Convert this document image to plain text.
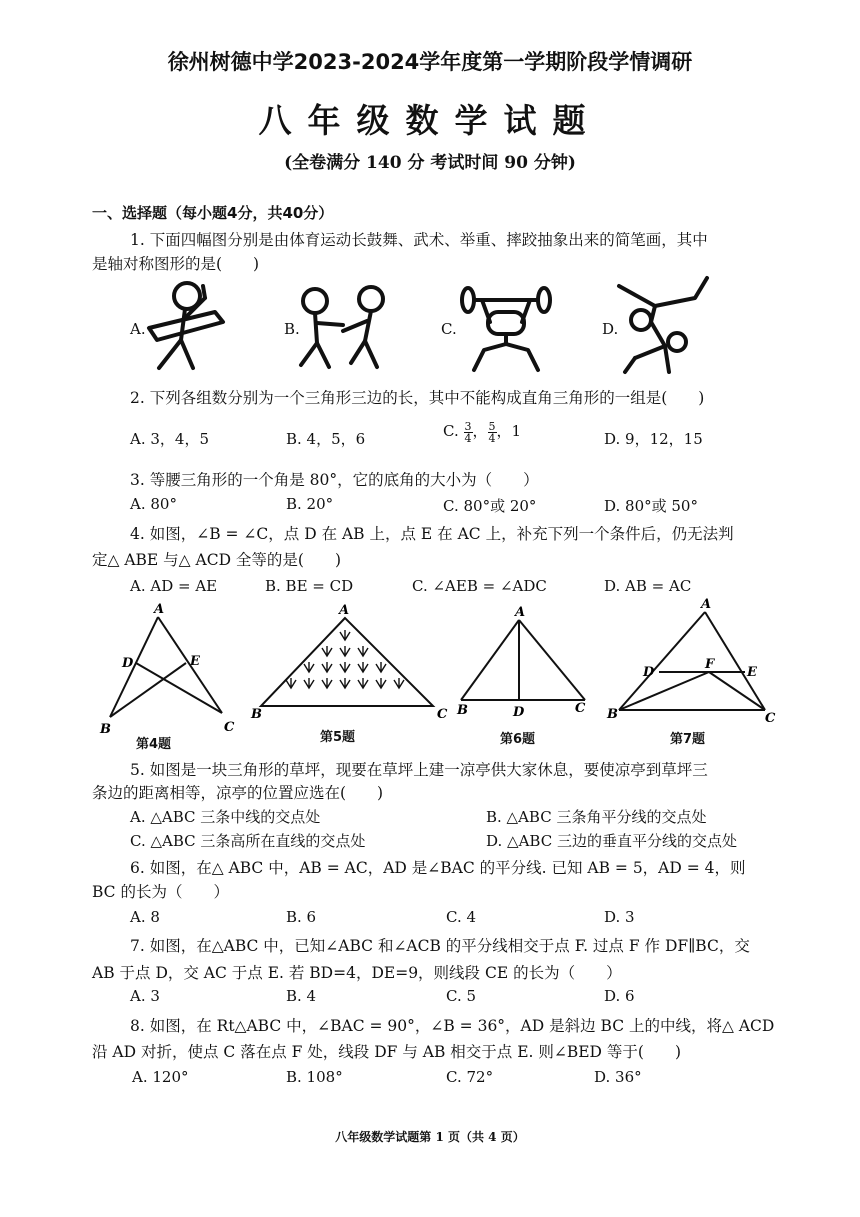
徐州树德中学2023-2024学年度第一学期阶段学情调研
八年级数学试题
(全卷满分 140 分 考试时间 90 分钟)
一、选择题（每小题4分，共40分）
1. 下面四幅图分别是由体育运动长鼓舞、武术、举重、摔跤抽象出来的简笔画，其中
是轴对称图形的是(　　)
A.	B.	C.	D.
2. 下列各组数分别为一个三角形三边的长，其中不能构成直角三角形的一组是(　　)
A. 3，4，5	B. 4，5，6	C. $\frac{3}{4}$ ， $\frac{5}{4}$ ，1	D. 9，12，15
3. 等腰三角形的一个角是 80°，它的底角的大小为（　　）
A. 80°	B. 20°	C. 80°或 20°	D. 80°或 50°
4. 如图，∠B = ∠C，点 D 在 AB 上，点 E 在 AC 上，补充下列一个条件后，仍无法判
定△ ABE 与△ ACD 全等的是(　　)
A. AD = AE	B. BE = CD	C. ∠AEB = ∠ADC	D. AB = AC
A
D	E
B	C
第4题
A
B	C
第5题
A
B	D	C
第6题
A
D
F
E
B	C
第7题
5. 如图是一块三角形的草坪，现要在草坪上建一凉亭供大家休息，要使凉亭到草坪三
条边的距离相等，凉亭的位置应选在(　　)
A. △ABC 三条中线的交点处	B. △ABC 三条角平分线的交点处
C. △ABC 三条高所在直线的交点处	D. △ABC 三边的垂直平分线的交点处
6. 如图，在△ ABC 中，AB = AC，AD 是∠BAC 的平分线. 已知 AB = 5，AD = 4，则
BC 的长为（　　）
A. 8	B. 6	C. 4	D. 3
7. 如图，在△ABC 中，已知∠ABC 和∠ACB 的平分线相交于点 F. 过点 F 作 DF∥BC，交
AB 于点 D，交 AC 于点 E. 若 BD=4，DE=9，则线段 CE 的长为（　　）
A. 3	B. 4	C. 5	D. 6
8. 如图，在 Rt△ABC 中，∠BAC = 90°，∠B = 36°，AD 是斜边 BC 上的中线，将△ ACD
沿 AD 对折，使点 C 落在点 F 处，线段 DF 与 AB 相交于点 E. 则∠BED 等于(　　)
A. 120°	B. 108°	C. 72°	D. 36°
八年级数学试题第 1 页（共 4 页）
